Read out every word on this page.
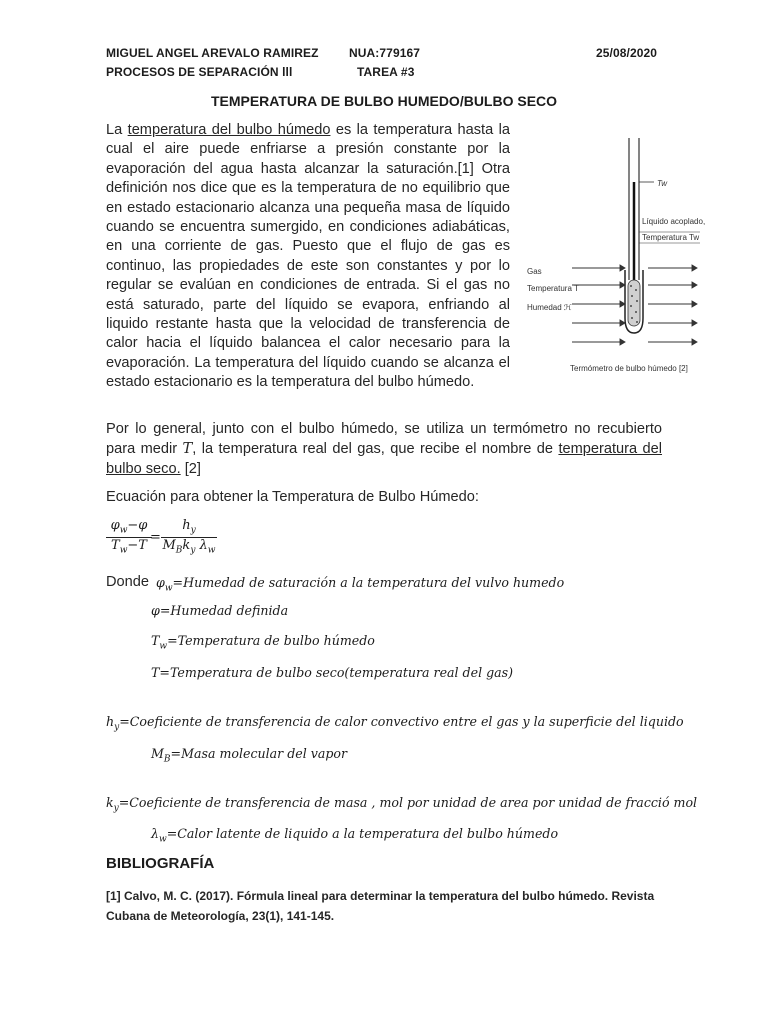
MIGUEL ANGEL AREVALO RAMIREZ
PROCESOS DE SEPARACIÓN lll
NUA:779167
TAREA #3
25/08/2020
TEMPERATURA DE BULBO HUMEDO/BULBO SECO
La temperatura del bulbo húmedo es la temperatura hasta la cual el aire puede enfriarse a presión constante por la evaporación del agua hasta alcanzar la saturación.[1] Otra definición nos dice que es la temperatura de no equilibrio que en estado estacionario alcanza una pequeña masa de líquido cuando se encuentra sumergido, en condiciones adiabáticas, en una corriente de gas. Puesto que el flujo de gas es continuo, las propiedades de este son constantes y por lo regular se evalúan en condiciones de entrada. Si el gas no está saturado, parte del líquido se evapora, enfriando al liquido restante hasta que la velocidad de transferencia de calor hacia el líquido balancea el calor necesario para la evaporación. La temperatura del líquido cuando se alcanza el estado estacionario es la temperatura del bulbo húmedo.
Tw
Líquido acoplado,
Temperatura Tw
Gas
Temperatura T
Humedad ℋ
Termómetro de bulbo húmedo [2]
Por lo general, junto con el bulbo húmedo, se utiliza un termómetro no recubierto para medir T, la temperatura real del gas, que recibe el nombre de temperatura del bulbo seco. [2]
Ecuación para obtener la Temperatura de Bulbo Húmedo:
$\frac{\varphi_w-\varphi}{T_w-T}$
=
$h_y$
$M_Bk_y$ $\lambda_w$
Donde $\varphi_w=Humedad$ de saturación a la temperatura del vulvo humedo
φ=Humedad definida
$T_w=Temperatura$ de bulbo húmedo
T=Temperatura de bulbo seco(temperatura real del gas)
$h_y=Coeficiente$ de transferencia de calor convectivo entre el gas y la superficie del liquido
$M_B=Masa$ molecular del vapor
$k_y=Coeficiente$ de transferencia de masa , mol por unidad de area por unidad de fracció mol
$\lambda_w=Calor$ latente de liquido a la temperatura del bulbo húmedo
BIBLIOGRAFÍA
[1] Calvo, M. C. (2017). Fórmula lineal para determinar la temperatura del bulbo húmedo. Revista Cubana de Meteorología, 23(1), 141-145.
